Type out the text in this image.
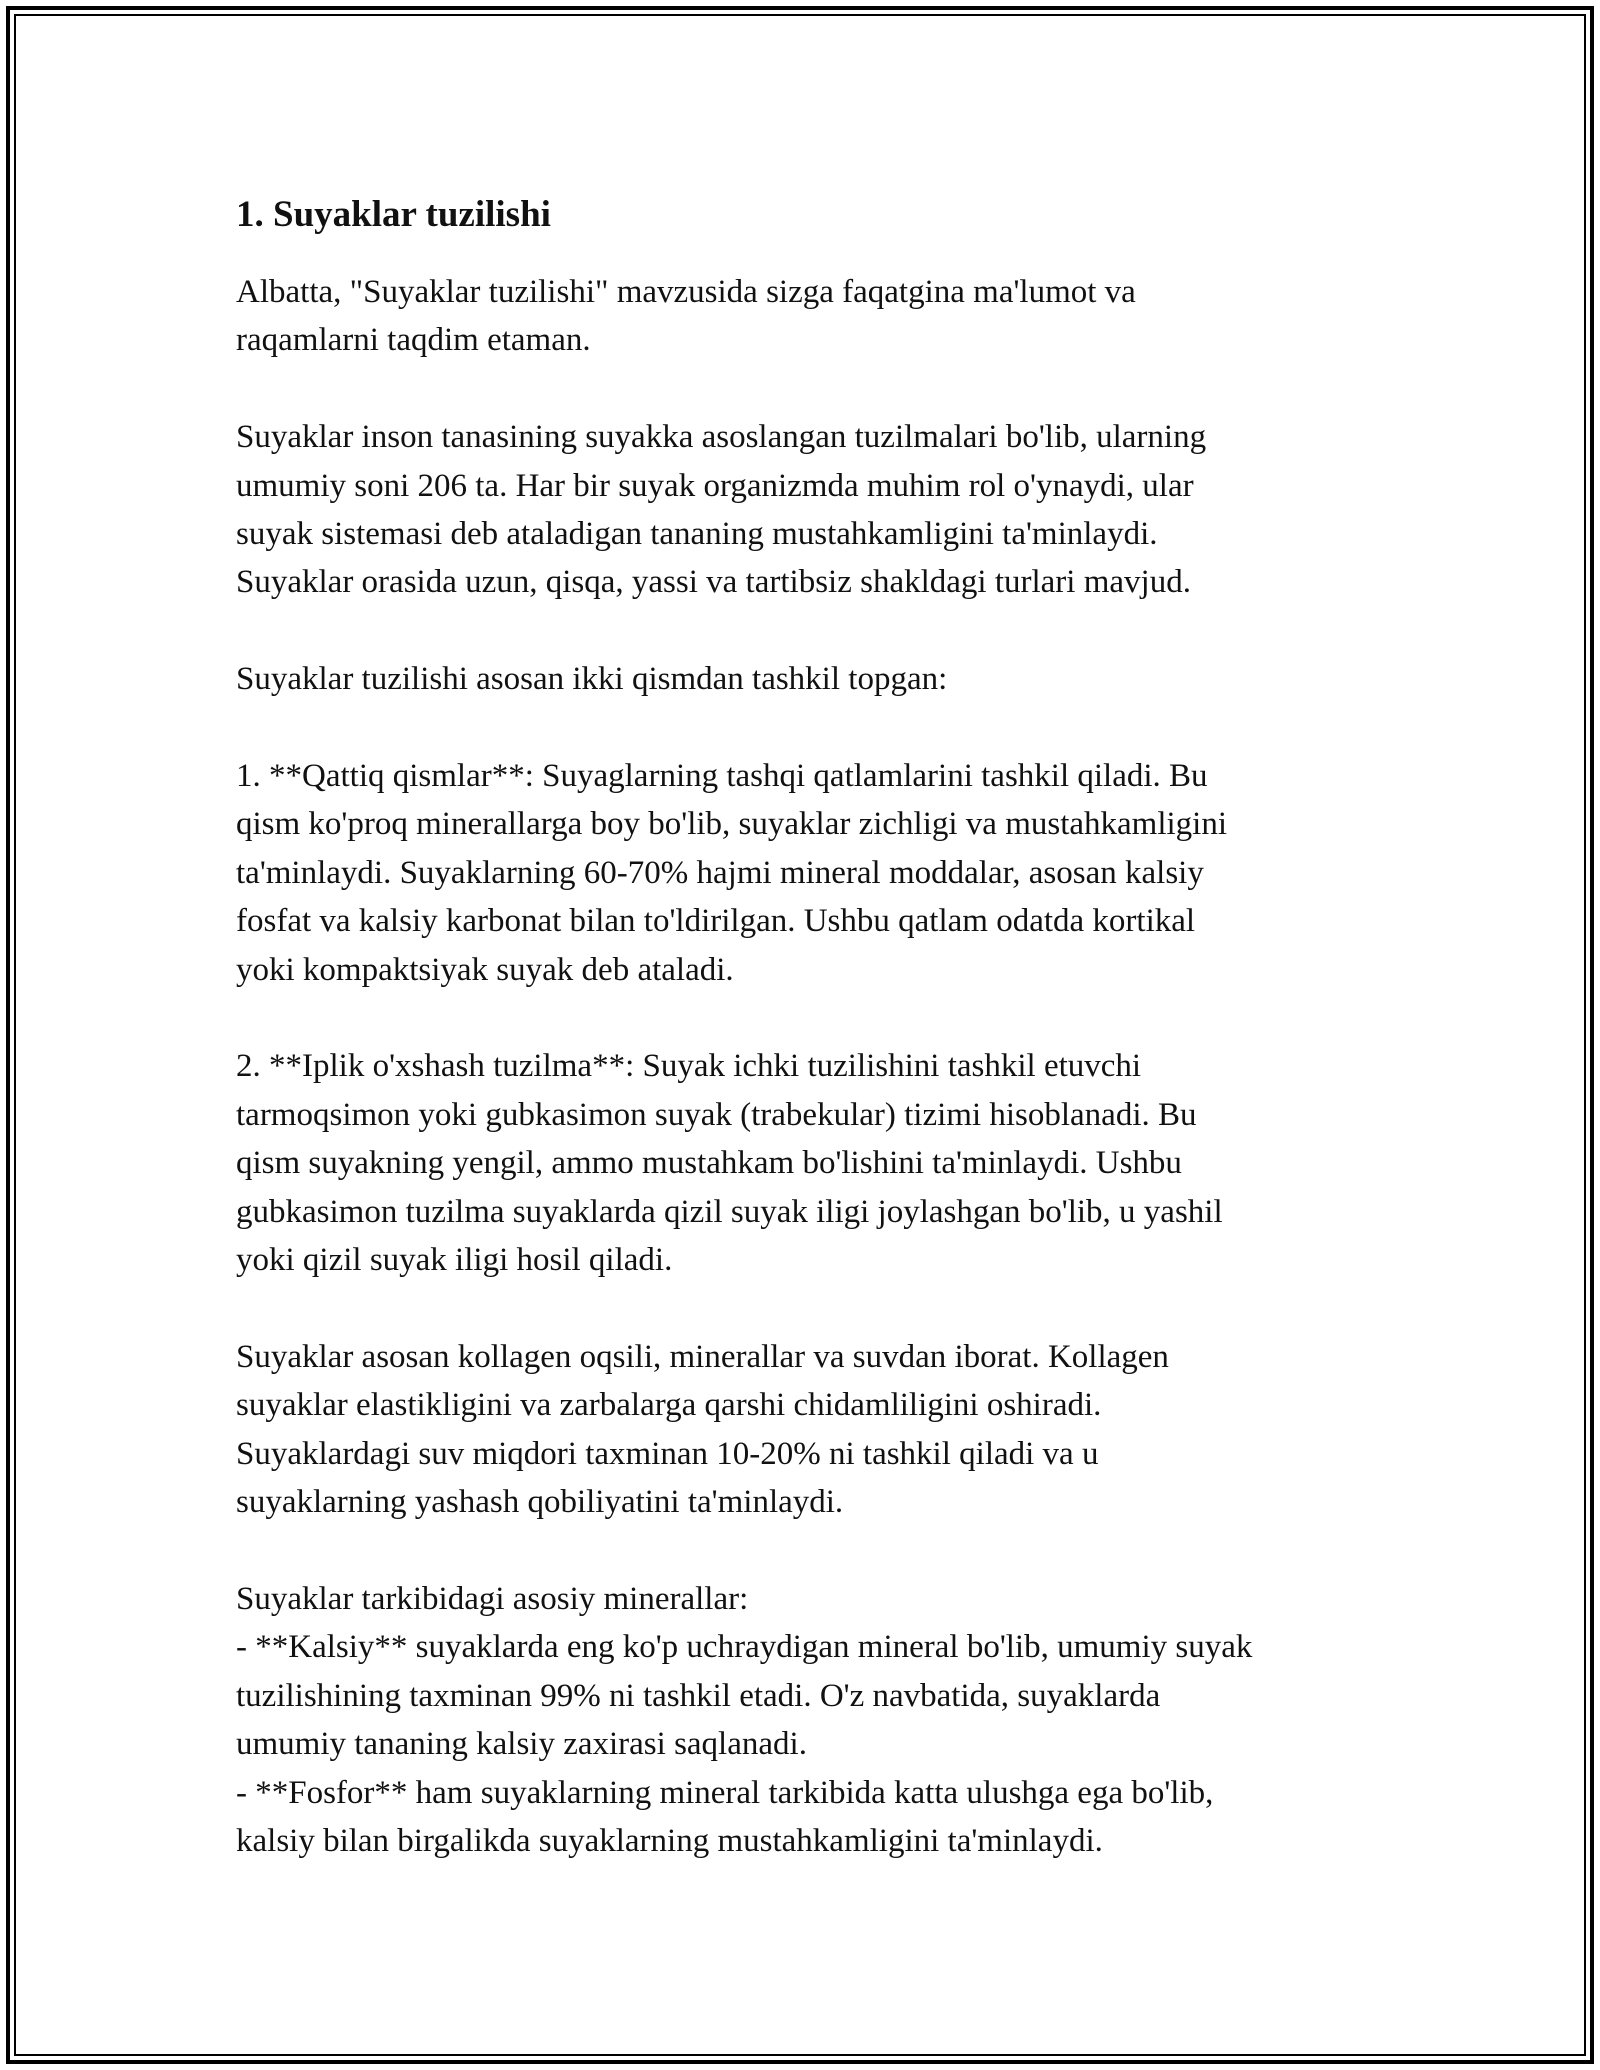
1. Suyaklar tuzilishi
Albatta, "Suyaklar tuzilishi" mavzusida sizga faqatgina ma'lumot va
raqamlarni taqdim etaman.
Suyaklar inson tanasining suyakka asoslangan tuzilmalari bo'lib, ularning
umumiy soni 206 ta. Har bir suyak organizmda muhim rol o'ynaydi, ular
suyak sistemasi deb ataladigan tananing mustahkamligini ta'minlaydi.
Suyaklar orasida uzun, qisqa, yassi va tartibsiz shakldagi turlari mavjud.
Suyaklar tuzilishi asosan ikki qismdan tashkil topgan:
1. **Qattiq qismlar**: Suyaglarning tashqi qatlamlarini tashkil qiladi. Bu
qism ko'proq minerallarga boy bo'lib, suyaklar zichligi va mustahkamligini
ta'minlaydi. Suyaklarning 60-70% hajmi mineral moddalar, asosan kalsiy
fosfat va kalsiy karbonat bilan to'ldirilgan. Ushbu qatlam odatda kortikal
yoki kompaktsiyak suyak deb ataladi.
2. **Iplik o'xshash tuzilma**: Suyak ichki tuzilishini tashkil etuvchi
tarmoqsimon yoki gubkasimon suyak (trabekular) tizimi hisoblanadi. Bu
qism suyakning yengil, ammo mustahkam bo'lishini ta'minlaydi. Ushbu
gubkasimon tuzilma suyaklarda qizil suyak iligi joylashgan bo'lib, u yashil
yoki qizil suyak iligi hosil qiladi.
Suyaklar asosan kollagen oqsili, minerallar va suvdan iborat. Kollagen
suyaklar elastikligini va zarbalarga qarshi chidamliligini oshiradi.
Suyaklardagi suv miqdori taxminan 10-20% ni tashkil qiladi va u
suyaklarning yashash qobiliyatini ta'minlaydi.
Suyaklar tarkibidagi asosiy minerallar:
- **Kalsiy** suyaklarda eng ko'p uchraydigan mineral bo'lib, umumiy suyak
tuzilishining taxminan 99% ni tashkil etadi. O'z navbatida, suyaklarda
umumiy tananing kalsiy zaxirasi saqlanadi.
- **Fosfor** ham suyaklarning mineral tarkibida katta ulushga ega bo'lib,
kalsiy bilan birgalikda suyaklarning mustahkamligini ta'minlaydi.
